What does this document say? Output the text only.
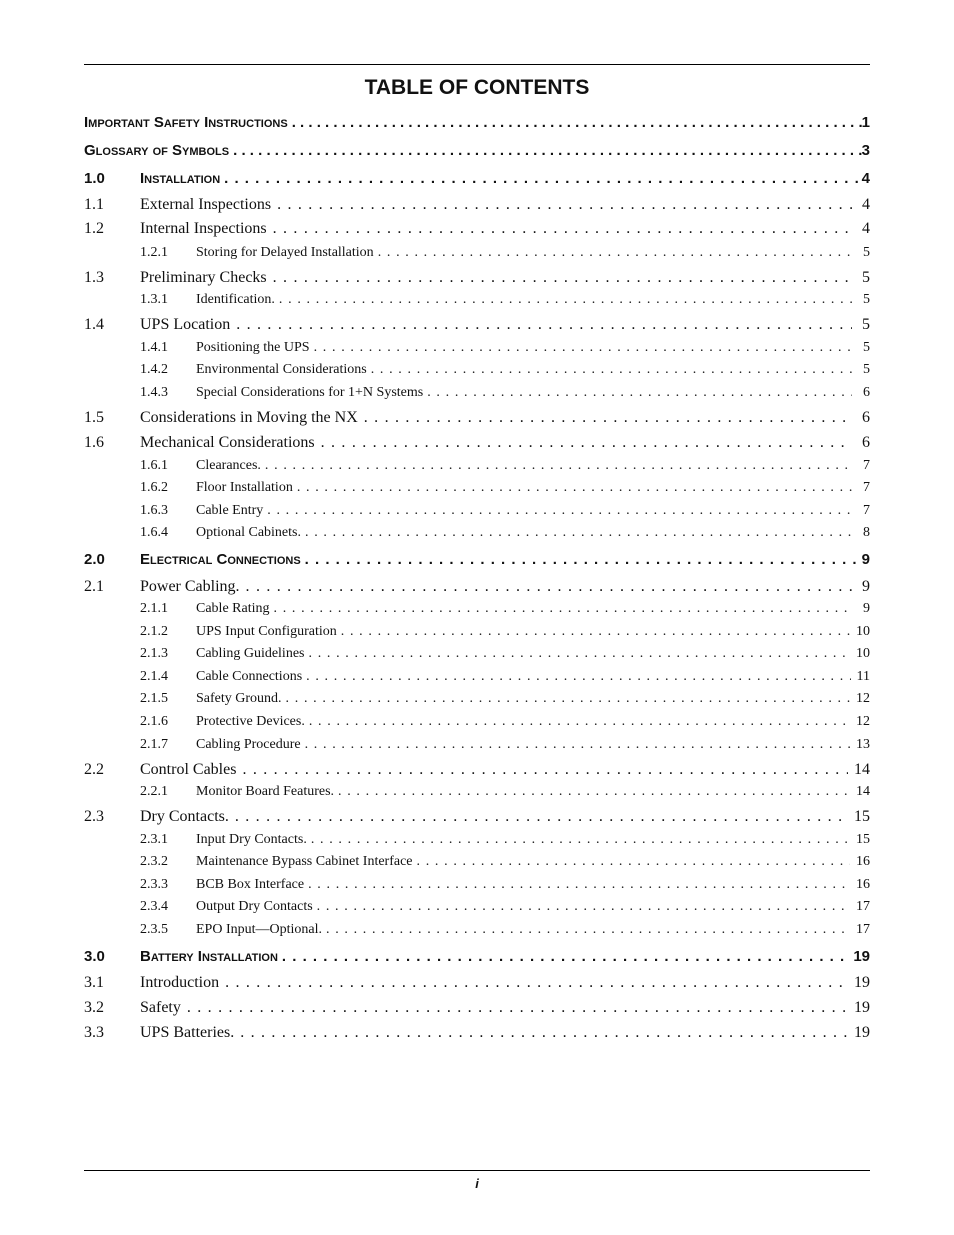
TABLE OF CONTENTS
Important Safety Instructions . . .	1
Glossary of Symbols . . .	3
1.0	Installation . . .	4
1.1	External Inspections . . .	4
1.2	Internal Inspections . . .	4
1.2.1	Storing for Delayed Installation . . .	5
1.3	Preliminary Checks . . .	5
1.3.1	Identification. . . .	5
1.4	UPS Location . . .	5
1.4.1	Positioning the UPS . . .	5
1.4.2	Environmental Considerations . . .	5
1.4.3	Special Considerations for 1+N Systems . . .	6
1.5	Considerations in Moving the NX . . .	6
1.6	Mechanical Considerations . . .	6
1.6.1	Clearances. . . .	7
1.6.2	Floor Installation . . .	7
1.6.3	Cable Entry . . .	7
1.6.4	Optional Cabinets. . . .	8
2.0	Electrical Connections . . .	9
2.1	Power Cabling. . . .	9
2.1.1	Cable Rating . . .	9
2.1.2	UPS Input Configuration . . .	10
2.1.3	Cabling Guidelines . . .	10
2.1.4	Cable Connections . . .	11
2.1.5	Safety Ground. . . .	12
2.1.6	Protective Devices. . . .	12
2.1.7	Cabling Procedure . . .	13
2.2	Control Cables . . .	14
2.2.1	Monitor Board Features. . . .	14
2.3	Dry Contacts. . . .	15
2.3.1	Input Dry Contacts. . . .	15
2.3.2	Maintenance Bypass Cabinet Interface . . .	16
2.3.3	BCB Box Interface . . .	16
2.3.4	Output Dry Contacts . . .	17
2.3.5	EPO Input—Optional. . . .	17
3.0	Battery Installation . . .	19
3.1	Introduction . . .	19
3.2	Safety . . .	19
3.3	UPS Batteries. . . .	19
i
